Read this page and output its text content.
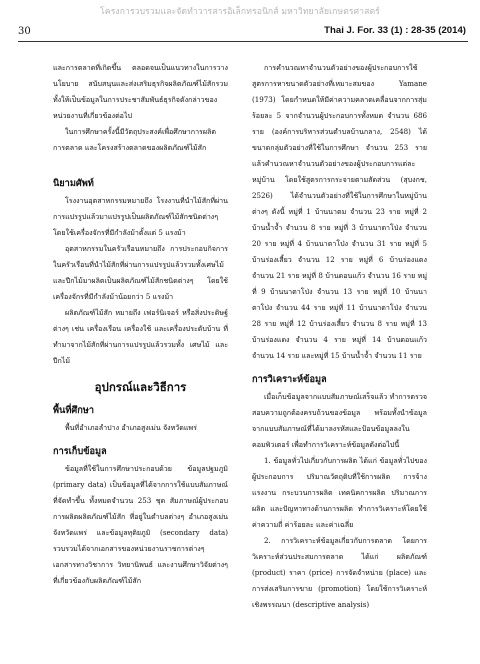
โครงการวบรวมและจัดทำวารสารอิเล็กทรอนิกส์ มหาวิทยาลัยเกษตรศาสตร์
30	Thai J. For. 33 (1) : 28-35 (2014)

และการตลาดที่เกิดขึ้น ตลอดจนเป็นแนวทางในการวางนโยบาย สนับสนุนและส่งเสริมธุรกิจผลิตภัณฑ์ไม้สักรวมทั้งให้เป็นข้อมูลในการประชาสัมพันธ์ธุรกิจดังกล่าวของหน่วยงานที่เกี่ยวข้องต่อไป

ในการศึกษาครั้งนี้มีวัตถุประสงค์เพื่อศึกษาการผลิต การตลาด และโครงสร้างตลาดของผลิตภัณฑ์ไม้สัก

นิยามศัพท์

โรงงานอุตสาหกรรมหมายถึง โรงงานที่นำไม้สักที่ผ่านการแปรรูปแล้วมาแปรรูปเป็นผลิตภัณฑ์ไม้สักชนิดต่างๆ โดยใช้เครื่องจักรที่มีกำลังม้าตั้งแต่ 5 แรงม้า

อุตสาหกรรมในครัวเรือนหมายถึง การประกอบกิจการในครัวเรือนที่นำไม้สักที่ผ่านการแปรรูปแล้วรวมทั้งเศษไม้ และปีกไม้มาผลิตเป็นผลิตภัณฑ์ไม้สักชนิดต่างๆ โดยใช้เครื่องจักรที่มีกำลังม้าน้อยกว่า 5 แรงม้า

ผลิตภัณฑ์ไม้สัก หมายถึง เฟอร์นิเจอร์ หรือสิ่งประดิษฐ์ต่างๆ เช่น เครื่องเรือน เครื่องใช้ และเครื่องประดับบ้าน ที่ทำมาจากไม้สักที่ผ่านการแปรรูปแล้วรวมทั้ง เศษไม้ และปีกไม้

อุปกรณ์และวิธีการ
พื้นที่ศึกษา

พื้นที่อำเภอลำปาง อำเภอสูงเม่น จังหวัดแพร่

การเก็บข้อมูล

ข้อมูลที่ใช้ในการศึกษาประกอบด้วย ข้อมูลปฐมภูมิ (primary data) เป็นข้อมูลที่ได้จากการใช้แบบสัมภาษณ์ที่จัดทำขึ้น ทั้งหมดจำนวน 253 ชุด สัมภาษณ์ผู้ประกอบการผลิตผลิตภัณฑ์ไม้สัก ที่อยู่ในตำบลต่างๆ อำเภอสูงเม่น จังหวัดแพร่ และข้อมูลทุติยภูมิ (secondary data) รวบรวมได้จากเอกสารของหน่วยงานราชการต่างๆ เอกสารทางวิชาการ วิทยานิพนธ์ และงานศึกษาวิจัยต่างๆ ที่เกี่ยวข้องกับผลิตภัณฑ์ไม้สัก

การคำนวณหาจำนวนตัวอย่างของผู้ประกอบการใช้สูตรการหาขนาดตัวอย่างที่เหมาะสมของ Yamane (1973) โดยกำหนดให้มีค่าความคลาดเคลื่อนจากการสุ่มร้อยละ 5 จากจำนวนผู้ประกอบการทั้งหมด จำนวน 686 ราย (องค์การบริหารส่วนตำบลบ้านกลาง, 2548) ได้ขนาดกลุ่มตัวอย่างที่ใช้ในการศึกษา จำนวน 253 ราย แล้วคำนวณหาจำนวนตัวอย่างของผู้ประกอบการแต่ละหมู่บ้าน โดยใช้สูตรการกระจายตามสัดส่วน (สุบงกช, 2526) ได้จำนวนตัวอย่างที่ใช้ในการศึกษาในหมู่บ้านต่างๆ ดังนี้ หมู่ที่ 1 บ้านนาตม จำนวน 23 ราย หมู่ที่ 2 บ้านน้ำจ้ำ จำนวน 8 ราย หมู่ที่ 3 บ้านนาตาโป่ง จำนวน 20 ราย หมู่ที่ 4 บ้านนาตาโป่ง จำนวน 31 ราย หมู่ที่ 5 บ้านร่องเสี้ยว จำนวน 12 ราย หมู่ที่ 6 บ้านร่องแดง จำนวน 21 ราย หมู่ที่ 8 บ้านดอนแก้ว จำนวน 16 ราย หมู่ที่ 9 บ้านนาตาโป่ง จำนวน 13 ราย หมู่ที่ 10 บ้านนาตาโป่ง จำนวน 44 ราย หมู่ที่ 11 บ้านนาตาโป่ง จำนวน 28 ราย หมู่ที่ 12 บ้านร่องเสี้ยว จำนวน 8 ราย หมู่ที่ 13 บ้านร่องแดง จำนวน 4 ราย หมู่ที่ 14 บ้านดอนแก้ว จำนวน 14 ราย และหมู่ที่ 15 บ้านน้ำจ้ำ จำนวน 11 ราย

การวิเคราะห์ข้อมูล

เมื่อเก็บข้อมูลจากแบบสัมภาษณ์เสร็จแล้ว ทำการตรวจสอบความถูกต้องครบถ้วนของข้อมูล พร้อมทั้งนำข้อมูลจากแบบสัมภาษณ์ที่ได้มาลงรหัสและป้อนข้อมูลลงในคอมพิวเตอร์ เพื่อทำการวิเคราะห์ข้อมูลดังต่อไปนี้

1. ข้อมูลทั่วไปเกี่ยวกับการผลิต ได้แก่ ข้อมูลทั่วไปของผู้ประกอบการ ปริมาณวัตถุดิบที่ใช้การผลิต การจ้างแรงงาน กระบวนการผลิต เทคนิคการผลิต ปริมาณการผลิต และปัญหาทางด้านการผลิต ทำการวิเคราะห์โดยใช้ค่าความถี่ ค่าร้อยละ และค่าเฉลี่ย

2. การวิเคราะห์ข้อมูลเกี่ยวกับการตลาด โดยการวิเคราะห์ส่วนประสมการตลาด ได้แก่ ผลิตภัณฑ์ (product) ราคา (price) การจัดจำหน่าย (place) และการส่งเสริมการขาย (promotion) โดยใช้การวิเคราะห์เชิงพรรณนา (descriptive analysis)
